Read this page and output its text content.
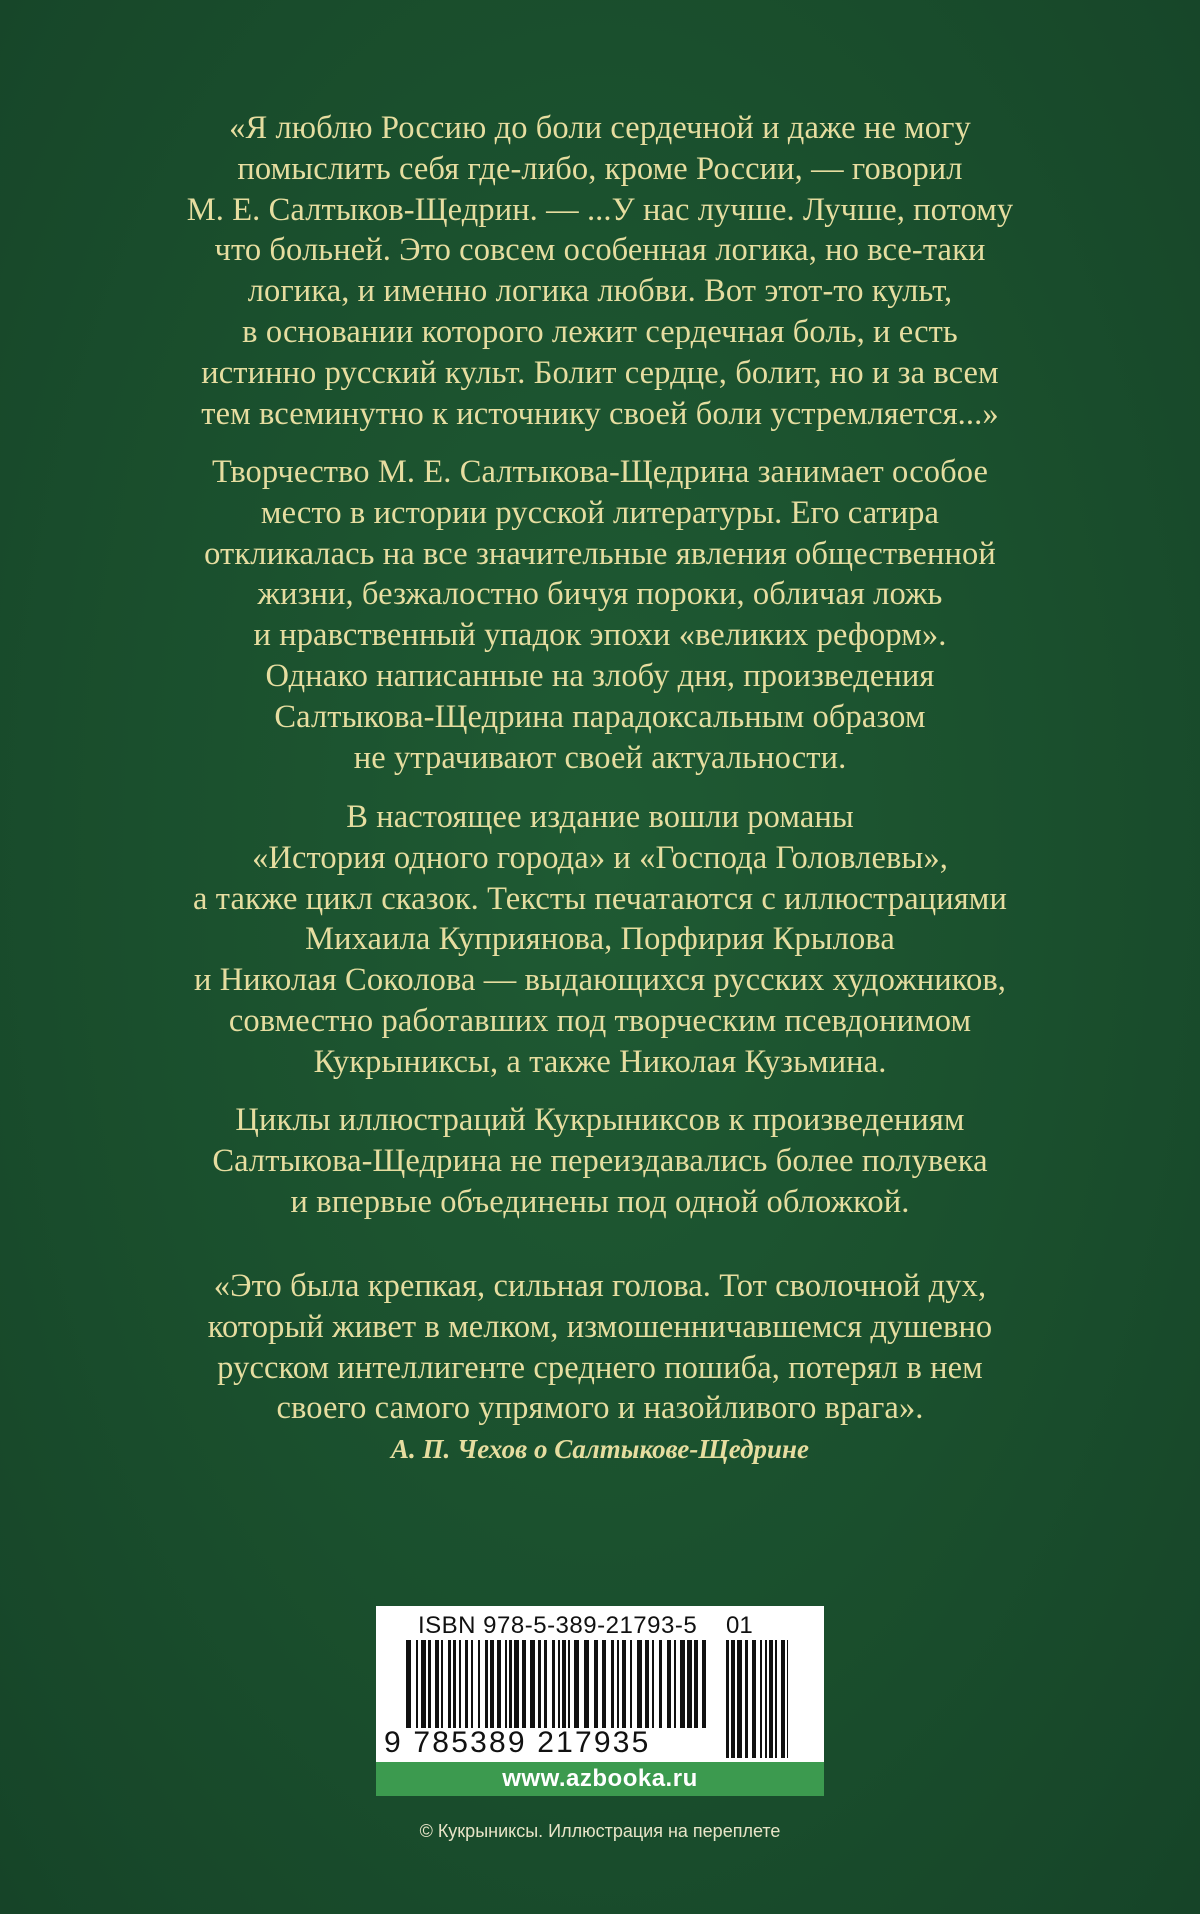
«Я люблю Россию до боли сердечной и даже не могу
помыслить себя где-либо, кроме России, — говорил
М. Е. Салтыков-Щедрин. — ...У нас лучше. Лучше, потому
что больней. Это совсем особенная логика, но все-таки
логика, и именно логика любви. Вот этот-то культ,
в основании которого лежит сердечная боль, и есть
истинно русский культ. Болит сердце, болит, но и за всем
тем всеминутно к источнику своей боли устремляется...»
Творчество М. Е. Салтыкова-Щедрина занимает особое
место в истории русской литературы. Его сатира
откликалась на все значительные явления общественной
жизни, безжалостно бичуя пороки, обличая ложь
и нравственный упадок эпохи «великих реформ».
Однако написанные на злобу дня, произведения
Салтыкова-Щедрина парадоксальным образом
не утрачивают своей актуальности.
В настоящее издание вошли романы
«История одного города» и «Господа Головлевы»,
а также цикл сказок. Тексты печатаются с иллюстрациями
Михаила Куприянова, Порфирия Крылова
и Николая Соколова — выдающихся русских художников,
совместно работавших под творческим псевдонимом
Кукрыниксы, а также Николая Кузьмина.
Циклы иллюстраций Кукрыниксов к произведениям
Салтыкова-Щедрина не переиздавались более полувека
и впервые объединены под одной обложкой.
«Это была крепкая, сильная голова. Тот сволочной дух,
который живет в мелком, измошенничавшемся душевно
русском интеллигенте среднего пошиба, потерял в нем
своего самого упрямого и назойливого врага».
А. П. Чехов о Салтыкове-Щедрине
ISBN 978-5-389-21793-5 01
9 785389 217935
www.azbooka.ru
© Кукрыниксы. Иллюстрация на переплете
